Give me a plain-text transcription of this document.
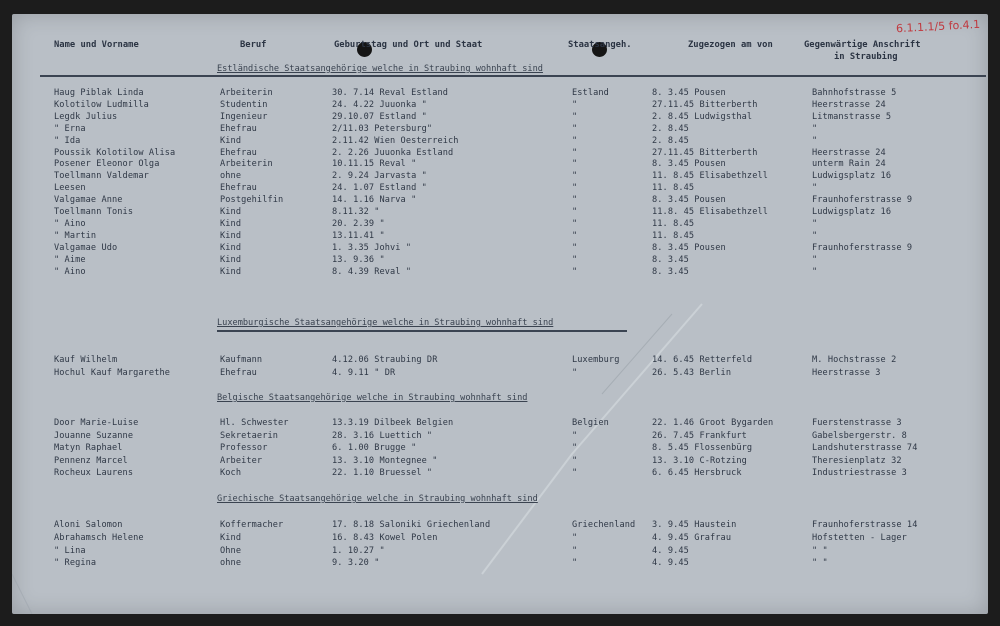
6.1.1.1/5 fo.4.1
Name und Vorname	Beruf	Geburtstag und Ort und Staat	Staatsangeh.	Zugezogen am von	Gegenwärtige Anschrift
in Straubing
Estländische Staatsangehörige welche in Straubing wohnhaft sind
Haug Piblak Linda	Arbeiterin	30. 7.14 Reval Estland	Estland	8. 3.45 Pousen	Bahnhofstrasse 5
Kolotilow Ludmilla	Studentin	24. 4.22 Juuonka "	"	27.11.45 Bitterberth	Heerstrasse 24
Legdk Julius	Ingenieur	29.10.07 Estland "	"	2. 8.45 Ludwigsthal	Litmanstrasse 5
" Erna	Ehefrau	2/11.03 Petersburg"	"	2. 8.45	"
" Ida	Kind	2.11.42 Wien Oesterreich	"	2. 8.45	"
Poussik Kolotilow Alisa	Ehefrau	2. 2.26 Juuonka Estland	"	27.11.45 Bitterberth	Heerstrasse 24
Posener Eleonor Olga	Arbeiterin	10.11.15 Reval "	"	8. 3.45 Pousen	unterm Rain 24
Toellmann Valdemar	ohne	2. 9.24 Jarvasta "	"	11. 8.45 Elisabethzell	Ludwigsplatz 16
Leesen	Ehefrau	24. 1.07 Estland "	"	11. 8.45	"
Valgamae Anne	Postgehilfin	14. 1.16 Narva "	"	8. 3.45 Pousen	Fraunhoferstrasse 9
Toellmann Tonis	Kind	8.11.32 "	"	11.8. 45 Elisabethzell	Ludwigsplatz 16
" Aino	Kind	20. 2.39 "	"	11. 8.45	"
" Martin	Kind	13.11.41 "	"	11. 8.45	"
Valgamae Udo	Kind	1. 3.35 Johvi "	"	8. 3.45 Pousen	Fraunhoferstrasse 9
" Aime	Kind	13. 9.36 "	"	8. 3.45	"
" Aino	Kind	8. 4.39 Reval "	"	8. 3.45	"
Luxemburgische Staatsangehörige welche in Straubing wohnhaft sind
Kauf Wilhelm	Kaufmann	4.12.06 Straubing DR	Luxemburg	14. 6.45 Retterfeld	M. Hochstrasse 2
Hochul Kauf Margarethe	Ehefrau	4. 9.11 " DR	"	26. 5.43 Berlin	Heerstrasse 3
Belgische Staatsangehörige welche in Straubing wohnhaft sind
Door Marie-Luise	Hl. Schwester	13.3.19 Dilbeek Belgien	Belgien	22. 1.46 Groot Bygarden	Fuerstenstrasse 3
Jouanne Suzanne	Sekretaerin	28. 3.16 Luettich "	"	26. 7.45 Frankfurt	Gabelsbergerstr. 8
Matyn Raphael	Professor	6. 1.00 Brugge "	"	8. 5.45 Flossenbürg	Landshuterstrasse 74
Pennenz Marcel	Arbeiter	13. 3.10 Montegnee "	"	13. 3.10 C-Rotzing	Theresienplatz 32
Rocheux Laurens	Koch	22. 1.10 Bruessel "	"	6. 6.45 Hersbruck	Industriestrasse 3
Griechische Staatsangehörige welche in Straubing wohnhaft sind
Aloni Salomon	Koffermacher	17. 8.18 Saloniki Griechenland	Griechenland 3. 9.45 Haustein	Fraunhoferstrasse 14
Abrahamsch Helene	Kind	16. 8.43 Kowel Polen	"	4. 9.45 Grafrau	Hofstetten - Lager
" Lina	Ohne	1. 10.27 "	"	4. 9.45	" "
" Regina	ohne	9. 3.20 "	"	4. 9.45	" "
